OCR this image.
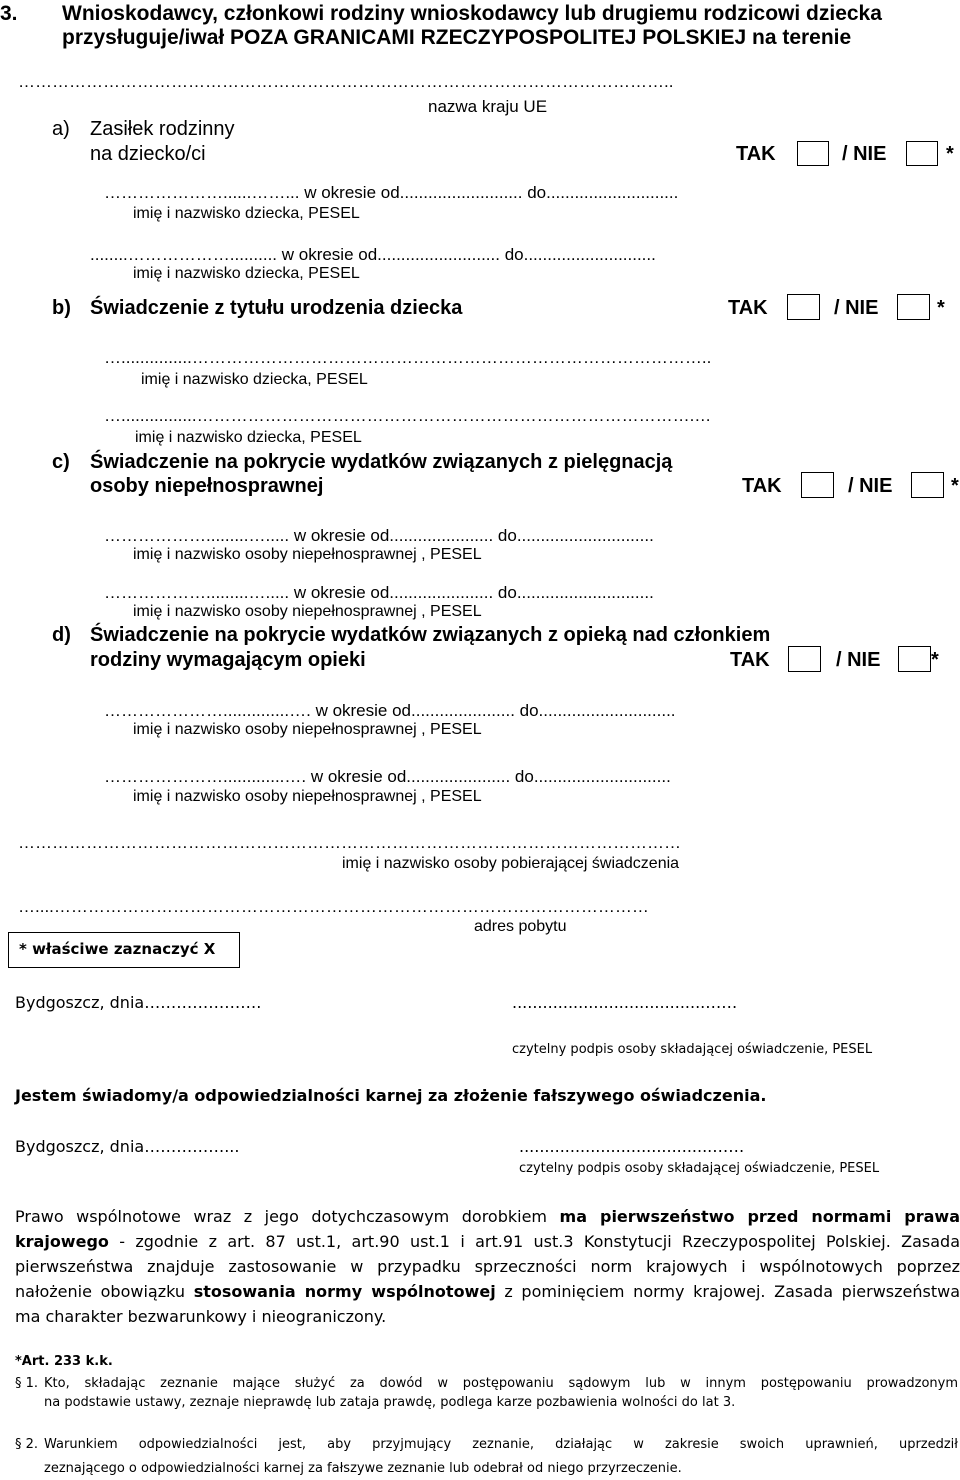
3. Wnioskodawcy, członkowi rodziny wnioskodawcy lub drugiemu rodzicowi dziecka
przysługuje/iwał POZA GRANICAMI RZECZYPOSPOLITEJ POLSKIEJ na terenie
……………………………………………………………………………………………………..
nazwa kraju UE
a) Zasiłek rodzinny
na dziecko/ci	TAK	/ NIE	*
…………………......……... w okresie od.......................... do............................
imię i nazwisko dziecka, PESEL
........……………….......... w okresie od.......................... do............................
imię i nazwisko dziecka, PESEL
b) Świadczenie z tytułu urodzenia dziecka	TAK	/ NIE	*
…...............………………………………………………………………………………..
imię i nazwisko dziecka, PESEL
…................…………………………………………………………………………….…
imię i nazwisko dziecka, PESEL
c) Świadczenie na pokrycie wydatków związanych z pielęgnacją
osoby niepełnosprawnej	TAK	/ NIE	*
……………….........…..... w okresie od...................... do.............................
imię i nazwisko osoby niepełnosprawnej , PESEL
……………….........…..... w okresie od...................... do.............................
imię i nazwisko osoby niepełnosprawnej , PESEL
d) Świadczenie na pokrycie wydatków związanych z opieką nad członkiem
rodziny wymagającym opieki	TAK	/ NIE	*
…………………..............…. w okresie od...................... do.............................
imię i nazwisko osoby niepełnosprawnej , PESEL
………………….............…. w okresie od...................... do.............................
imię i nazwisko osoby niepełnosprawnej , PESEL
………………………………………………………………………………………………………
imię i nazwisko osoby pobierającej świadczenia
…....……………………………………………………………………………………………
adres pobytu
* właściwe zaznaczyć X
Bydgoszcz, dnia………………….	......................................……
czytelny podpis osoby składającej oświadczenie, PESEL
Jestem świadomy/a odpowiedzialności karnej za złożenie fałszywego oświadczenia.
Bydgoszcz, dnia……………...	......................................……
czytelny podpis osoby składającej oświadczenie, PESEL
Prawo wspólnotowe wraz z jego dotychczasowym dorobkiem ma pierwszeństwo przed normami prawa
krajowego - zgodnie z art. 87 ust.1, art.90 ust.1 i art.91 ust.3 Konstytucji Rzeczypospolitej Polskiej. Zasada
pierwszeństwa znajduje zastosowanie w przypadku sprzeczności norm krajowych i wspólnotowych poprzez
nałożenie obowiązku stosowania normy wspólnotowej z pominięciem normy krajowej. Zasada pierwszeństwa
ma charakter bezwarunkowy i nieograniczony.
*Art. 233 k.k.
§ 1. Kto, składając zeznanie mające służyć za dowód w postępowaniu sądowym lub w innym postępowaniu prowadzonym
na podstawie ustawy, zeznaje nieprawdę lub zataja prawdę, podlega karze pozbawienia wolności do lat 3.
§ 2. Warunkiem odpowiedzialności jest, aby przyjmujący zeznanie, działając w zakresie swoich uprawnień, uprzedził
zeznającego o odpowiedzialności karnej za fałszywe zeznanie lub odebrał od niego przyrzeczenie.
